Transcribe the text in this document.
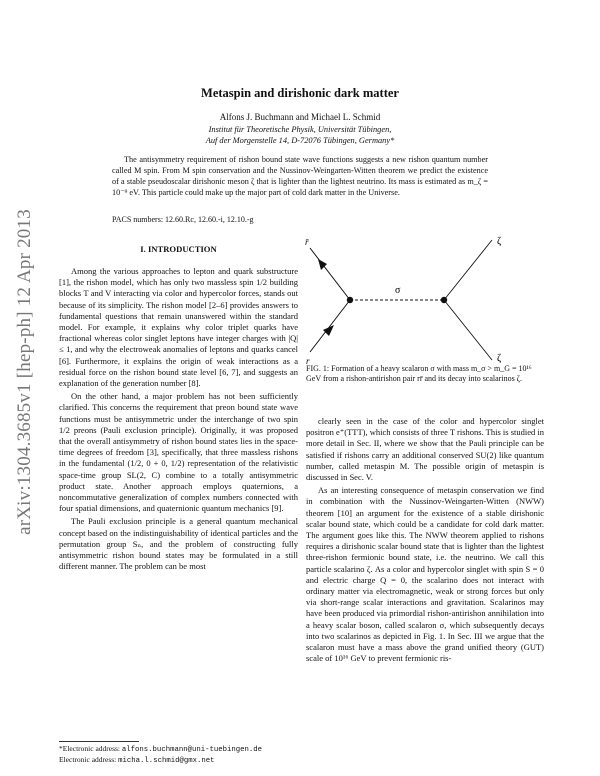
arXiv:1304.3685v1 [hep-ph] 12 Apr 2013
Metaspin and dirishonic dark matter
Alfons J. Buchmann and Michael L. Schmid
Institut für Theoretische Physik, Universität Tübingen,
Auf der Morgenstelle 14, D-72076 Tübingen, Germany*

The antisymmetry requirement of rishon bound state wave functions suggests a new rishon quantum number called M spin. From M spin conservation and the Nussinov-Weingarten-Witten theorem we predict the existence of a stable pseudoscalar dirishonic meson ζ that is lighter than the lightest neutrino. Its mass is estimated as m_ζ = 10⁻⁹ eV. This particle could make up the major part of cold dark matter in the Universe.

PACS numbers: 12.60.Rc, 12.60.-i, 12.10.-g
I. INTRODUCTION

Among the various approaches to lepton and quark substructure [1], the rishon model, which has only two massless spin 1/2 building blocks T and V interacting via color and hypercolor forces, stands out because of its simplicity. The rishon model [2–6] provides answers to fundamental questions that remain unanswered within the standard model. For example, it explains why color triplet quarks have fractional whereas color singlet leptons have integer charges with |Q| ≤ 1, and why the electroweak anomalies of leptons and quarks cancel [6]. Furthermore, it explains the origin of weak interactions as a residual force on the rishon bound state level [6, 7], and suggests an explanation of the generation number [8].

On the other hand, a major problem has not been sufficiently clarified. This concerns the requirement that preon bound state wave functions must be antisymmetric under the interchange of two spin 1/2 preons (Pauli exclusion principle). Originally, it was proposed that the overall antisymmetry of rishon bound states lies in the space-time degrees of freedom [3], specifically, that three massless rishons in the fundamental (1/2, 0 + 0, 1/2) representation of the relativistic space-time group SL(2, C) combine to a totally antisymmetric product state. Another approach employs quaternions, a noncommutative generalization of complex numbers connected with four spatial dimensions, and quaternionic quantum mechanics [9].

The Pauli exclusion principle is a general quantum mechanical concept based on the indistinguishability of identical particles and the permutation group Sₙ, and the problem of constructing fully antisymmetric rishon bound states may be formulated in a still different manner. The problem can be most

r̄
r
σ
ζ
ζ

FIG. 1: Formation of a heavy scalaron σ with mass m_σ > m_G = 10¹⁶ GeV from a rishon-antirishon pair rr̄ and its decay into scalarinos ζ.

clearly seen in the case of the color and hypercolor singlet positron e⁺(TTT), which consists of three T rishons. This is studied in more detail in Sec. II, where we show that the Pauli principle can be satisfied if rishons carry an additional conserved SU(2) like quantum number, called metaspin M. The possible origin of metaspin is discussed in Sec. V.

As an interesting consequence of metaspin conservation we find in combination with the Nussinov-Weingarten-Witten (NWW) theorem [10] an argument for the existence of a stable dirishonic scalar bound state, which could be a candidate for cold dark matter. The argument goes like this. The NWW theorem applied to rishons requires a dirishonic scalar bound state that is lighter than the lightest three-rishon fermionic bound state, i.e. the neutrino. We call this particle scalarino ζ. As a color and hypercolor singlet with spin S = 0 and electric charge Q = 0, the scalarino does not interact with ordinary matter via electromagnetic, weak or strong forces but only via short-range scalar interactions and gravitation. Scalarinos may have been produced via primordial rishon-antirishon annihilation into a heavy scalar boson, called scalaron σ, which subsequently decays into two scalarinos as depicted in Fig. 1. In Sec. III we argue that the scalaron must have a mass above the grand unified theory (GUT) scale of 10¹⁶ GeV to prevent fermionic ris-

*Electronic address: alfons.buchmann@uni-tuebingen.de
Electronic address: micha.l.schmid@gmx.net
